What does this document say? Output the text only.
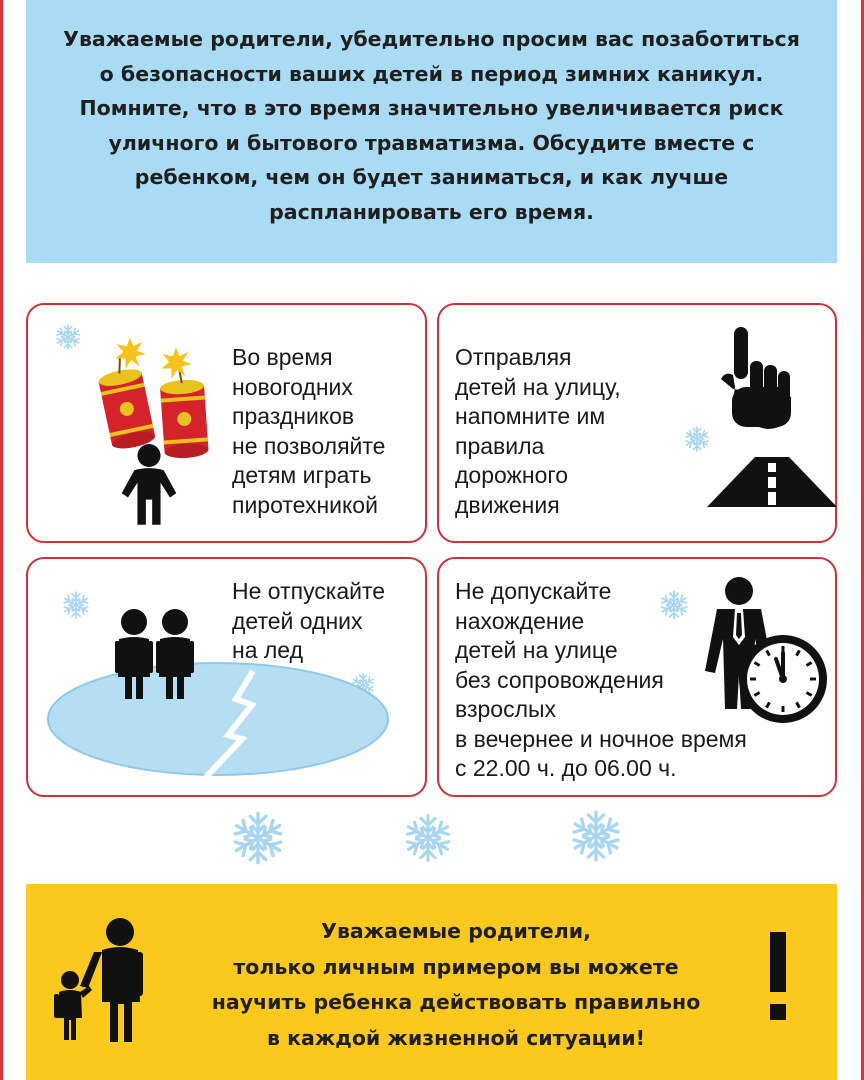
Уважаемые родители, убедительно просим вас позаботиться о безопасности ваших детей в период зимних каникул. Помните, что в это время значительно увеличивается риск уличного и бытового травматизма. Обсудите вместе с ребенком, чем он будет заниматься, и как лучше распланировать его время.
Во время
новогодних
праздников
не позволяйте
детям играть
пиротехникой
Отправляя
детей на улицу,
напомните им
правила
дорожного
движения
Не отпускайте
детей одних
на лед
Не допускайте
нахождение
детей на улице
без сопровождения
взрослых
в вечернее и ночное время
с 22.00 ч. до 06.00 ч.
Уважаемые родители,
только личным примером вы можете
научить ребенка действовать правильно
в каждой жизненной ситуации!
